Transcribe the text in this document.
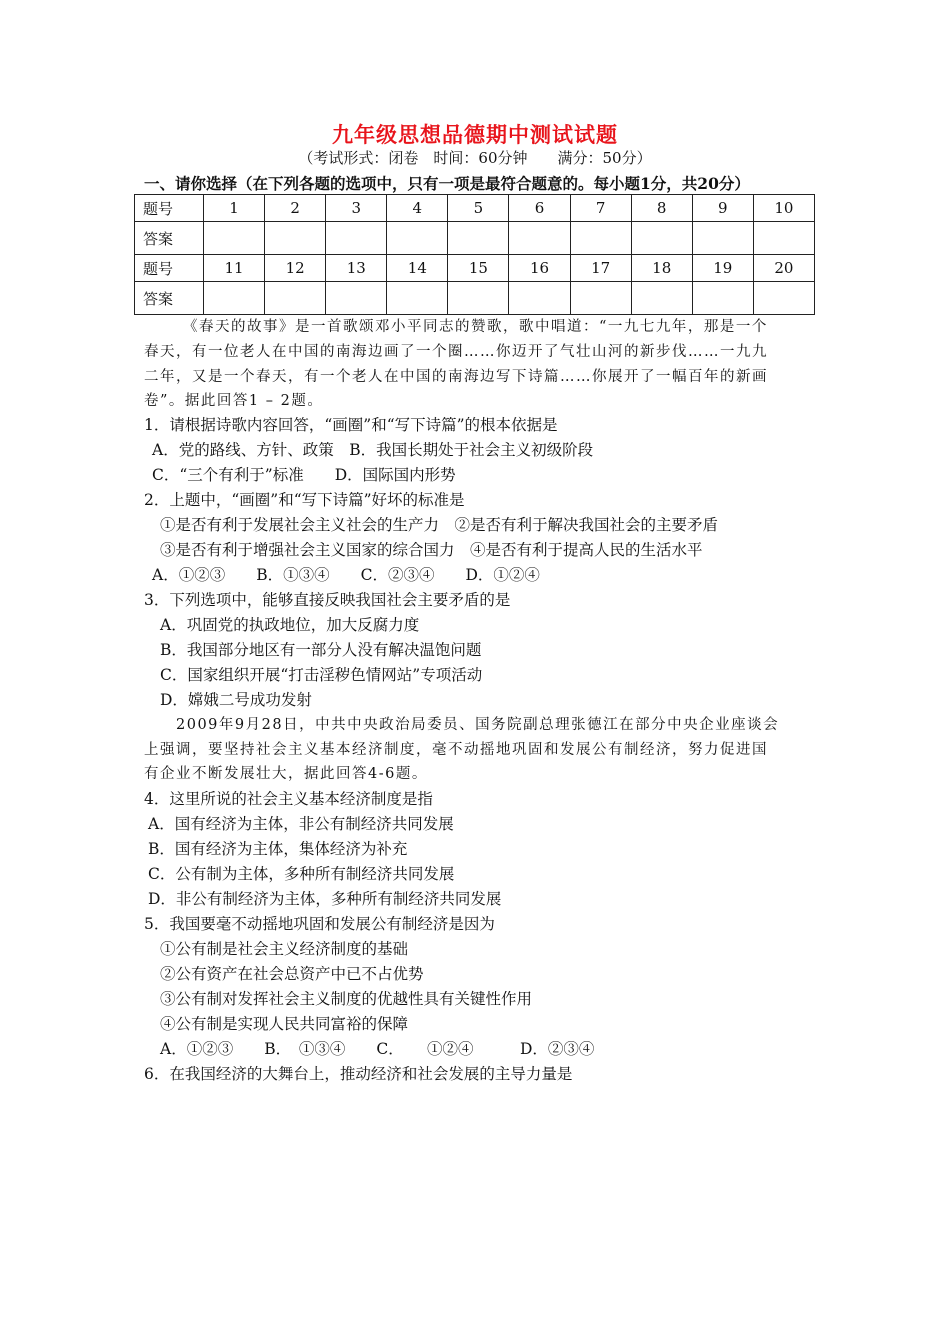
九年级思想品德期中测试试题
（考试形式：闭卷　时间：60分钟　　满分：50分）
一、请你选择（在下列各题的选项中，只有一项是最符合题意的。每小题1分，共20分）
题号	1	2	3	4	5	6	7	8	9	10
答案										
题号	11	12	13	14	15	16	17	18	19	20
答案										
《春天的故事》是一首歌颂邓小平同志的赞歌，歌中唱道：“一九七九年，那是一个
春天，有一位老人在中国的南海边画了一个圈……你迈开了气壮山河的新步伐……一九九
二年，又是一个春天，有一个老人在中国的南海边写下诗篇……你展开了一幅百年的新画
卷”。据此回答1 – 2题。
1．请根据诗歌内容回答，“画圈”和“写下诗篇”的根本依据是
A．党的路线、方针、政策　B．我国长期处于社会主义初级阶段
C．“三个有利于”标准　　D．国际国内形势
2．上题中，“画圈”和“写下诗篇”好坏的标准是
①是否有利于发展社会主义社会的生产力　②是否有利于解决我国社会的主要矛盾
③是否有利于增强社会主义国家的综合国力　④是否有利于提高人民的生活水平
A．①②③　　B．①③④　　C．②③④　　D．①②④
3．下列选项中，能够直接反映我国社会主要矛盾的是
A．巩固党的执政地位，加大反腐力度
B．我国部分地区有一部分人没有解决温饱问题
C．国家组织开展“打击淫秽色情网站”专项活动
D．嫦娥二号成功发射
2009年9月28日，中共中央政治局委员、国务院副总理张德江在部分中央企业座谈会
上强调，要坚持社会主义基本经济制度，毫不动摇地巩固和发展公有制经济，努力促进国
有企业不断发展壮大，据此回答4-6题。
4．这里所说的社会主义基本经济制度是指
A．国有经济为主体，非公有制经济共同发展
B．国有经济为主体，集体经济为补充
C．公有制为主体，多种所有制经济共同发展
D．非公有制经济为主体，多种所有制经济共同发展
5．我国要毫不动摇地巩固和发展公有制经济是因为
①公有制是社会主义经济制度的基础
②公有资产在社会总资产中已不占优势
③公有制对发挥社会主义制度的优越性具有关键性作用
④公有制是实现人民共同富裕的保障
A．①②③　　B．　①③④　　C．　　①②④　　　D．②③④
6．在我国经济的大舞台上，推动经济和社会发展的主导力量是
